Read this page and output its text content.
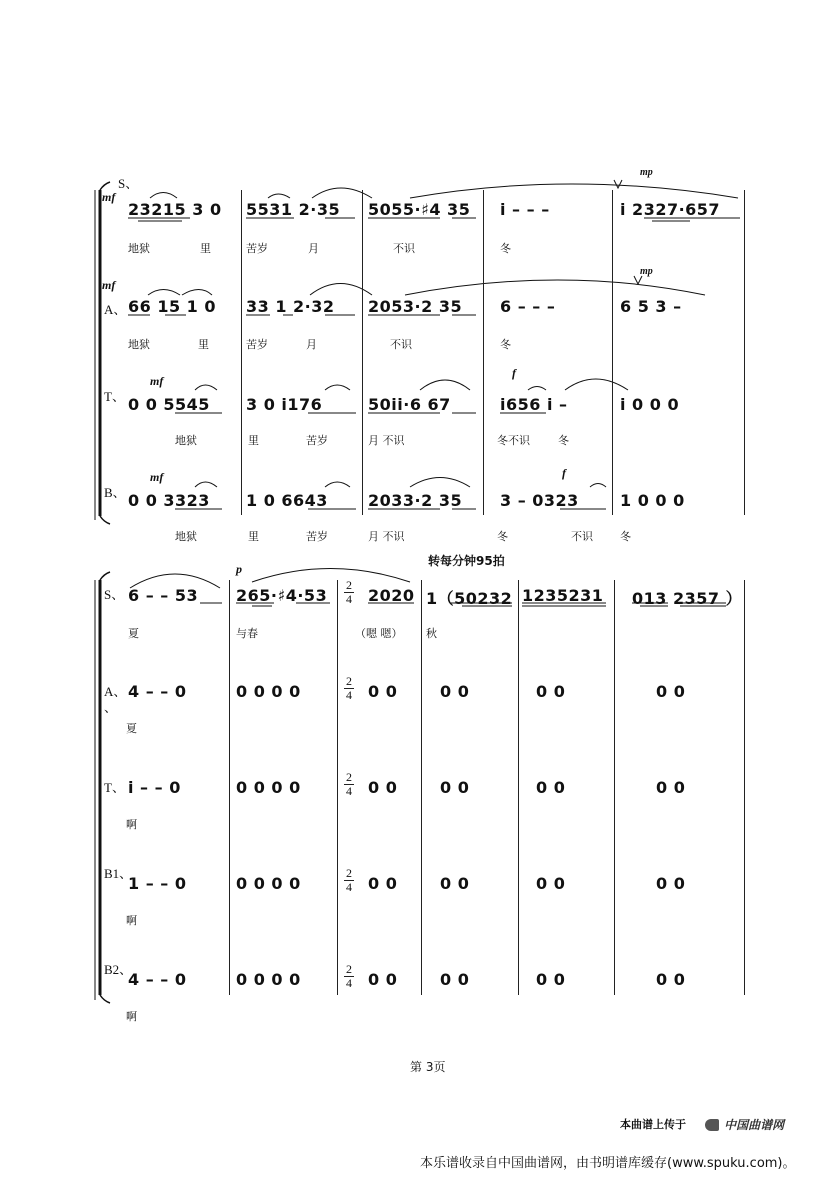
S、
mf
mp
23215 3 0 5531 2·35 5055·♯4 35 i – – –	i 2327·657
地狱	里	苦岁	月	不识	冬
A、
mf
mp
66 15 1 0 33 1 2·32 2053·2 35 6 – – –	6 5 3 –
地狱	里	苦岁	月	不识	冬
T、
mf
f
0 0 5545 3 0 i176	50ii·6 67	i656 i –	i 0 0 0
地狱	里	苦岁	月 不识	冬不识	冬
B、
mf	f
0 0 3323 1 0 6643	2033·2 35 3 – 0323	1 0 0 0
地狱	里	苦岁	月 不识	冬	不识 冬
转每分钟95拍
S、
p
6 – – 53 265·♯4·53
2
4 2020 1（50232 1235231 013 2357 ）
夏	与春	（嗯 嗯） 秋
A、
、
4 – – 0	0 0 0 0
2
4 0 0	0 0	0 0	0 0
夏
T、 i – – 0	0 0 0 0
2
4 0 0	0 0	0 0	0 0
啊
B1、
1 – – 0	0 0 0 0
2
4 0 0	0 0	0 0	0 0
啊
B2、
4 – – 0	0 0 0 0
2
4 0 0	0 0	0 0	0 0
啊
第 3页
本曲谱上传于	中国曲谱网
本乐谱收录自中国曲谱网，由书明谱库缓存(www.spuku.com)。
